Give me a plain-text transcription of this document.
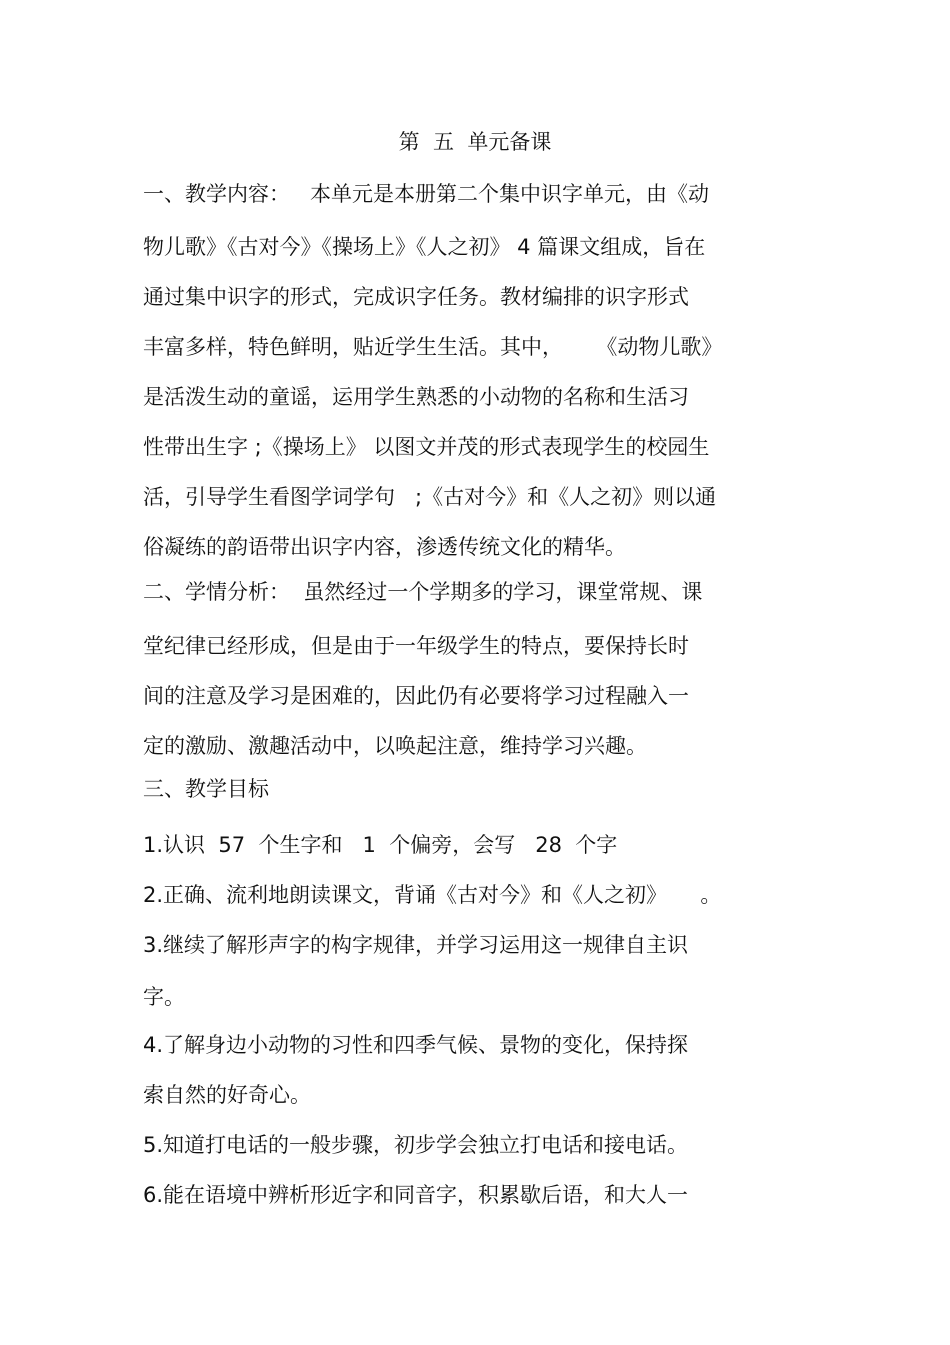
第  五  单元备课
一、教学内容：   本单元是本册第二个集中识字单元，由《动
物儿歌》《古对今》《操场上》《人之初》 4 篇课文组成，旨在
通过集中识字的形式，完成识字任务。教材编排的识字形式
丰富多样，特色鲜明，贴近学生生活。其中，     《动物儿歌》
是活泼生动的童谣，运用学生熟悉的小动物的名称和生活习
性带出生字 ;《操场上》 以图文并茂的形式表现学生的校园生
活，引导学生看图学词学句   ;《古对今》和《人之初》则以通
俗凝练的韵语带出识字内容，渗透传统文化的精华。
二、学情分析：  虽然经过一个学期多的学习，课堂常规、课
堂纪律已经形成，但是由于一年级学生的特点，要保持长时
间的注意及学习是困难的，因此仍有必要将学习过程融入一
定的激励、激趣活动中，以唤起注意，维持学习兴趣。
三、教学目标
1.认识  57  个生字和   1  个偏旁，会写   28  个字
2.正确、流利地朗读课文，背诵《古对今》和《人之初》     。
3.继续了解形声字的构字规律，并学习运用这一规律自主识
字。
4.了解身边小动物的习性和四季气候、景物的变化，保持探
索自然的好奇心。
5.知道打电话的一般步骤，初步学会独立打电话和接电话。
6.能在语境中辨析形近字和同音字，积累歇后语，和大人一
